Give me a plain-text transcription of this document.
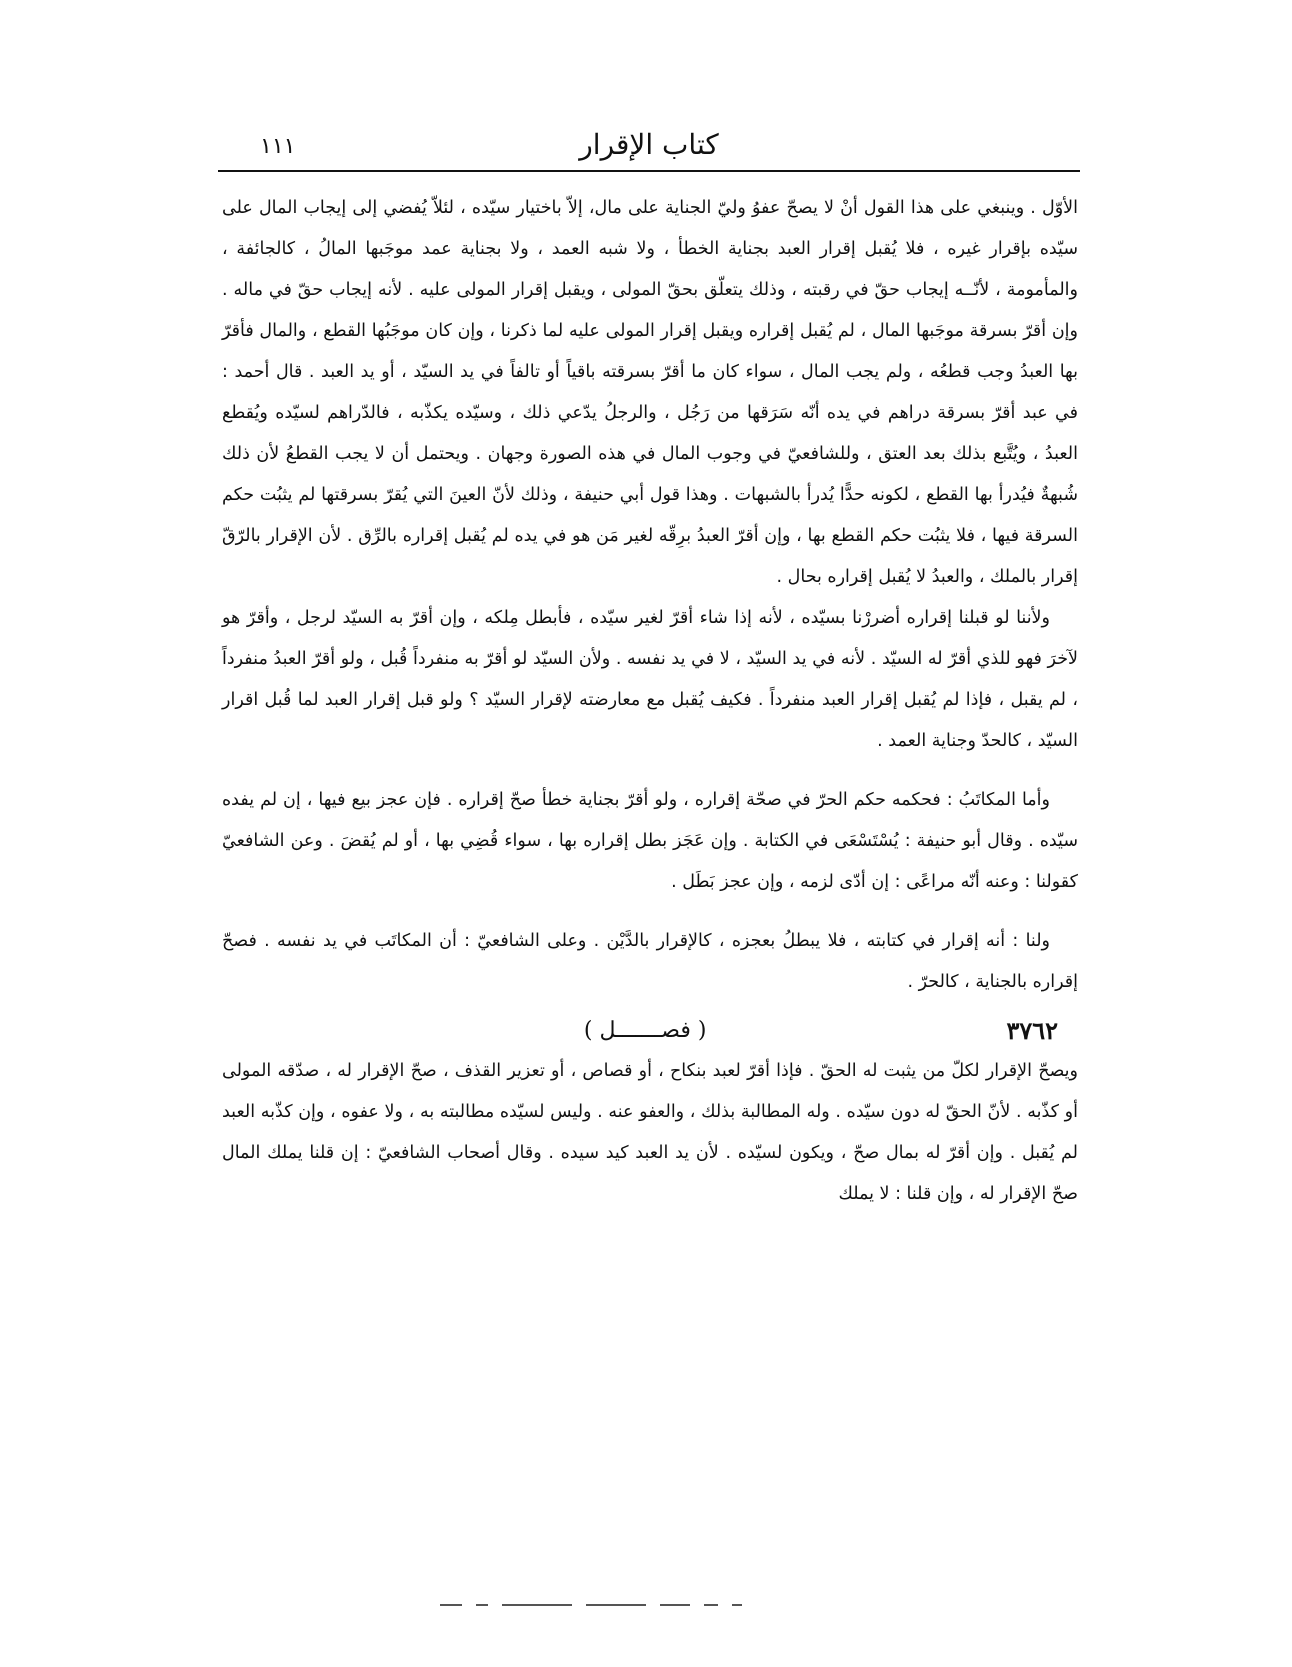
كتاب الإقرار
١١١

الأوّل . وينبغي على هذا القول أنْ لا يصحّ عفوُ وليّ الجناية على مال، إلاّ باختيار سيّده ، لئلاّ يُفضي إلى إيجاب المال على سيّده بإقرار غيره ، فلا يُقبل إقرار العبد بجناية الخطأ ، ولا شبه العمد ، ولا بجناية عمد موجَبها المالُ ، كالجائفة ، والمأمومة ، لأنّــه إيجاب حقّ في رقبته ، وذلك يتعلّق بحقّ المولى ، ويقبل إقرار المولى عليه . لأنه إيجاب حقّ في ماله . وإن أقرّ بسرقة موجَبها المال ، لم يُقبل إقراره ويقبل إقرار المولى عليه لما ذكرنا ، وإن كان موجَبُها القطع ، والمال فأقرّ بها العبدُ وجب قطعُه ، ولم يجب المال ، سواء كان ما أقرّ بسرقته باقياً أو تالفاً في يد السيّد ، أو يد العبد . قال أحمد : في عبد أقرّ بسرقة دراهم في يده أنّه سَرَقها من رَجُل ، والرجلُ يدّعي ذلك ، وسيّده يكذّبه ، فالدّراهم لسيّده ويُقطع العبدُ ، ويُتَّبع بذلك بعد العتق ، وللشافعيّ في وجوب المال في هذه الصورة وجهان . ويحتمل أن لا يجب القطعُ لأن ذلك شُبهةٌ فيُدرأ بها القطع ، لكونه حدًّا يُدرأ بالشبهات . وهذا قول أبي حنيفة ، وذلك لأنّ العينَ التي يُقرّ بسرقتها لم يثبُت حكم السرقة فيها ، فلا يثبُت حكم القطع بها ، وإن أقرّ العبدُ برِقّه لغير مَن هو في يده لم يُقبل إقراره بالرِّق . لأن الإقرار بالرّقّ إقرار بالملك ، والعبدُ لا يُقبل إقراره بحال .

ولأننا لو قبلنا إقراره أضررْنا بسيّده ، لأنه إذا شاء أقرّ لغير سيّده ، فأبطل مِلكه ، وإن أقرّ به السيّد لرجل ، وأقرّ هو لآخرَ فهو للذي أقرّ له السيّد . لأنه في يد السيّد ، لا في يد نفسه . ولأن السيّد لو أقرّ به منفرداً قُبل ، ولو أقرّ العبدُ منفرداً ، لم يقبل ، فإذا لم يُقبل إقرار العبد منفرداً . فكيف يُقبل مع معارضته لإقرار السيّد ؟ ولو قبل إقرار العبد لما قُبل اقرار السيّد ، كالحدّ وجناية العمد .

وأما المكاتَبُ : فحكمه حكم الحرّ في صحّة إقراره ، ولو أقرّ بجناية خطأ صحّ إقراره . فإن عجز بيع فيها ، إن لم يفده سيّده . وقال أبو حنيفة : يُسْتَسْعَى في الكتابة . وإن عَجَز بطل إقراره بها ، سواء قُضِي بها ، أو لم يُقضَ . وعن الشافعيّ كقولنا : وعنه أنّه مراعًى : إن أدّى لزمه ، وإن عجز بَطَل .

ولنا : أنه إقرار في كتابته ، فلا يبطلُ بعجزه ، كالإقرار بالدَّيْن . وعلى الشافعيّ : أن المكاتَب في يد نفسه . فصحّ إقراره بالجناية ، كالحرّ .

٣٧٦٢
( فصـــــــل )

ويصحّ الإقرار لكلّ من يثبت له الحقّ . فإذا أقرّ لعبد بنكاح ، أو قصاص ، أو تعزير القذف ، صحّ الإقرار له ، صدّقه المولى أو كذّبه . لأنّ الحقّ له دون سيّده . وله المطالبة بذلك ، والعفو عنه . وليس لسيّده مطالبته به ، ولا عفوه ، وإن كذّبه العبد لم يُقبل . وإن أقرّ له بمال صحّ ، ويكون لسيّده . لأن يد العبد كيد سيده . وقال أصحاب الشافعيّ : إن قلنا يملك المال صحّ الإقرار له ، وإن قلنا : لا يملك
